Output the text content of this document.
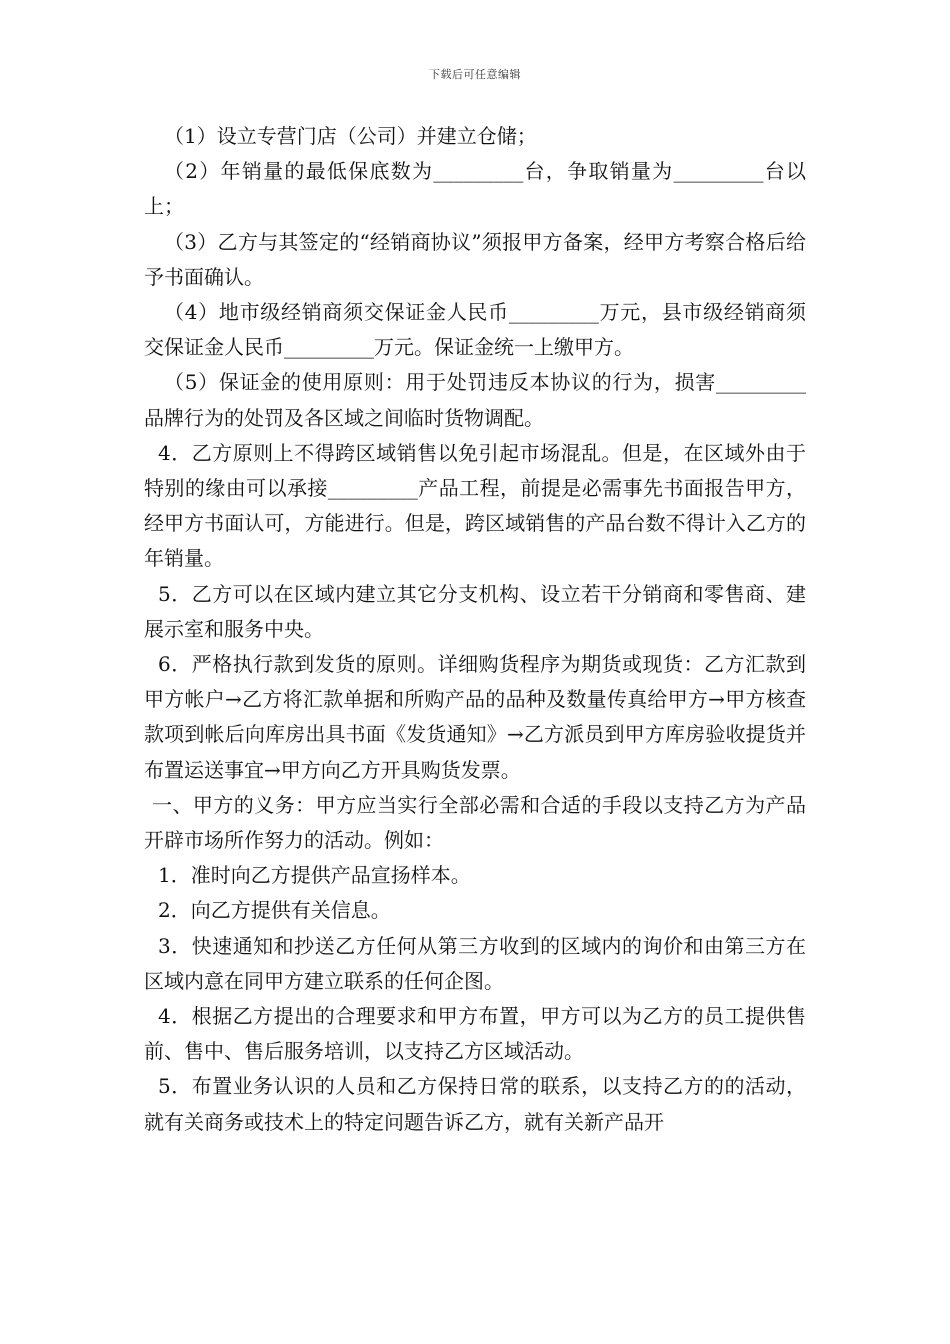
下载后可任意编辑

（1）设立专营门店（公司）并建立仓储；

（2）年销量的最低保底数为_________台，争取销量为_________台以上；

（3）乙方与其签定的“经销商协议”须报甲方备案，经甲方考察合格后给予书面确认。

（4）地市级经销商须交保证金人民币_________万元，县市级经销商须交保证金人民币_________万元。保证金统一上缴甲方。

（5）保证金的使用原则：用于处罚违反本协议的行为，损害_________品牌行为的处罚及各区域之间临时货物调配。

4．乙方原则上不得跨区域销售以免引起市场混乱。但是，在区域外由于特别的缘由可以承接_________产品工程，前提是必需事先书面报告甲方，经甲方书面认可，方能进行。但是，跨区域销售的产品台数不得计入乙方的年销量。

5．乙方可以在区域内建立其它分支机构、设立若干分销商和零售商、建展示室和服务中央。

6．严格执行款到发货的原则。详细购货程序为期货或现货：乙方汇款到甲方帐户→乙方将汇款单据和所购产品的品种及数量传真给甲方→甲方核查款项到帐后向库房出具书面《发货通知》→乙方派员到甲方库房验收提货并布置运送事宜→甲方向乙方开具购货发票。

一、甲方的义务：甲方应当实行全部必需和合适的手段以支持乙方为产品开辟市场所作努力的活动。例如：

1．准时向乙方提供产品宣扬样本。

2．向乙方提供有关信息。

3．快速通知和抄送乙方任何从第三方收到的区域内的询价和由第三方在区域内意在同甲方建立联系的任何企图。

4．根据乙方提出的合理要求和甲方布置，甲方可以为乙方的员工提供售前、售中、售后服务培训，以支持乙方区域活动。

5．布置业务认识的人员和乙方保持日常的联系，以支持乙方的的活动，就有关商务或技术上的特定问题告诉乙方，就有关新产品开
